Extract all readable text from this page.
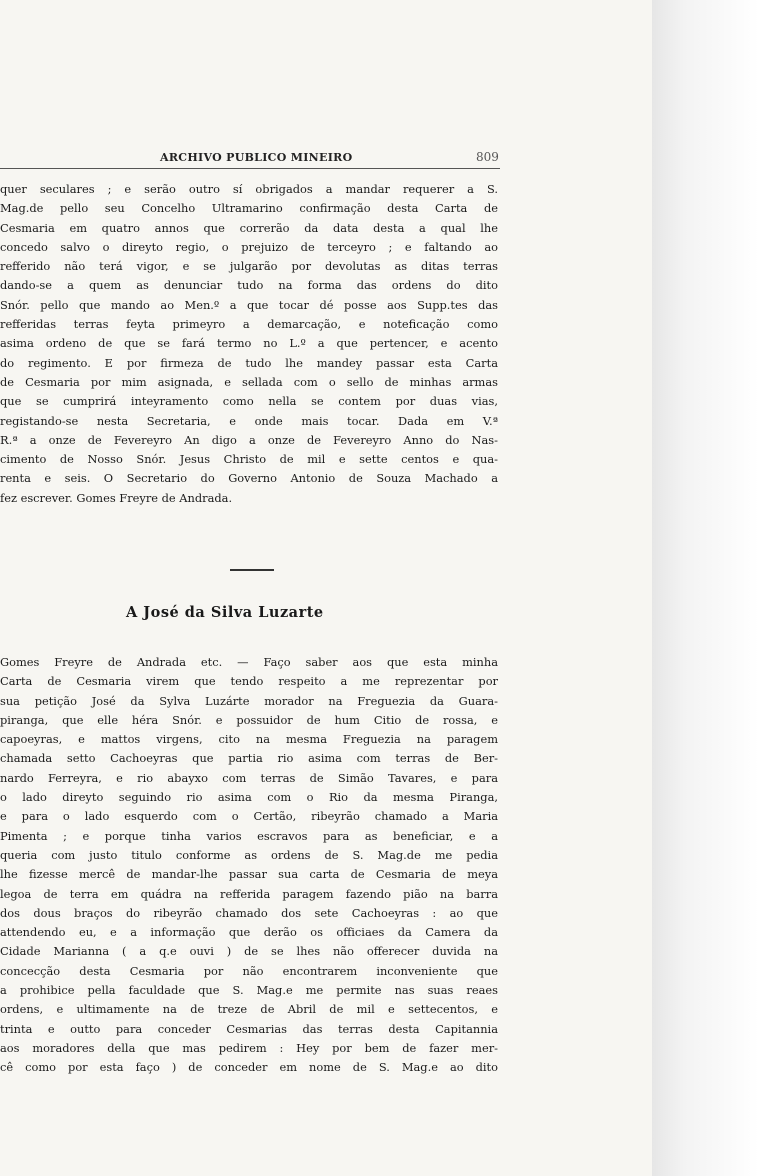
ARCHIVO PUBLICO MINEIRO	809
quer seculares ; e serão outro sí obrigados a mandar requerer a S.
Mag.de pello seu Concelho Ultramarino confirmação desta Carta de
Cesmaria em quatro annos que correrão da data desta a qual lhe
concedo salvo o direyto regio, o prejuizo de terceyro ; e faltando ao
refferido não terá vigor, e se julgarão por devolutas as ditas terras
dando-se a quem as denunciar tudo na forma das ordens do dito
Snór. pello que mando ao Men.º a que tocar dé posse aos Supp.tes das
refferidas terras feyta primeyro a demarcação, e noteficação como
asima ordeno de que se fará termo no L.º a que pertencer, e acento
do regimento. E por firmeza de tudo lhe mandey passar esta Carta
de Cesmaria por mim asignada, e sellada com o sello de minhas armas
que se cumprirá inteyramento como nella se contem por duas vias,
registando-se nesta Secretaria, e onde mais tocar. Dada em V.ª
R.ª a onze de Fevereyro An digo a onze de Fevereyro Anno do Nas-
cimento de Nosso Snór. Jesus Christo de mil e sette centos e qua-
renta e seis. O Secretario do Governo Antonio de Souza Machado a
fez escrever. Gomes Freyre de Andrada.
A José da Silva Luzarte
Gomes Freyre de Andrada etc. — Faço saber aos que esta minha
Carta de Cesmaria virem que tendo respeito a me reprezentar por
sua petição José da Sylva Luzárte morador na Freguezia da Guara-
piranga, que elle héra Snór. e possuidor de hum Citio de rossa, e
capoeyras, e mattos virgens, cito na mesma Freguezia na paragem
chamada setto Cachoeyras que partia rio asima com terras de Ber-
nardo Ferreyra, e rio abayxo com terras de Simão Tavares, e para
o lado direyto seguindo rio asima com o Rio da mesma Piranga,
e para o lado esquerdo com o Certão, ribeyrão chamado a Maria
Pimenta ; e porque tinha varios escravos para as beneficiar, e a
queria com justo titulo conforme as ordens de S. Mag.de me pedia
lhe fizesse mercê de mandar-lhe passar sua carta de Cesmaria de meya
legoa de terra em quádra na refferida paragem fazendo pião na barra
dos dous braços do ribeyrão chamado dos sete Cachoeyras : ao que
attendendo eu, e a informação que derão os officiaes da Camera da
Cidade Marianna ( a q.e ouvi ) de se lhes não offerecer duvida na
concecção desta Cesmaria por não encontrarem inconveniente que
a prohibice pella faculdade que S. Mag.e me permite nas suas reaes
ordens, e ultimamente na de treze de Abril de mil e settecentos, e
trinta e outto para conceder Cesmarias das terras desta Capitannia
aos moradores della que mas pedirem : Hey por bem de fazer mer-
cê como por esta faço ) de conceder em nome de S. Mag.e ao dito
